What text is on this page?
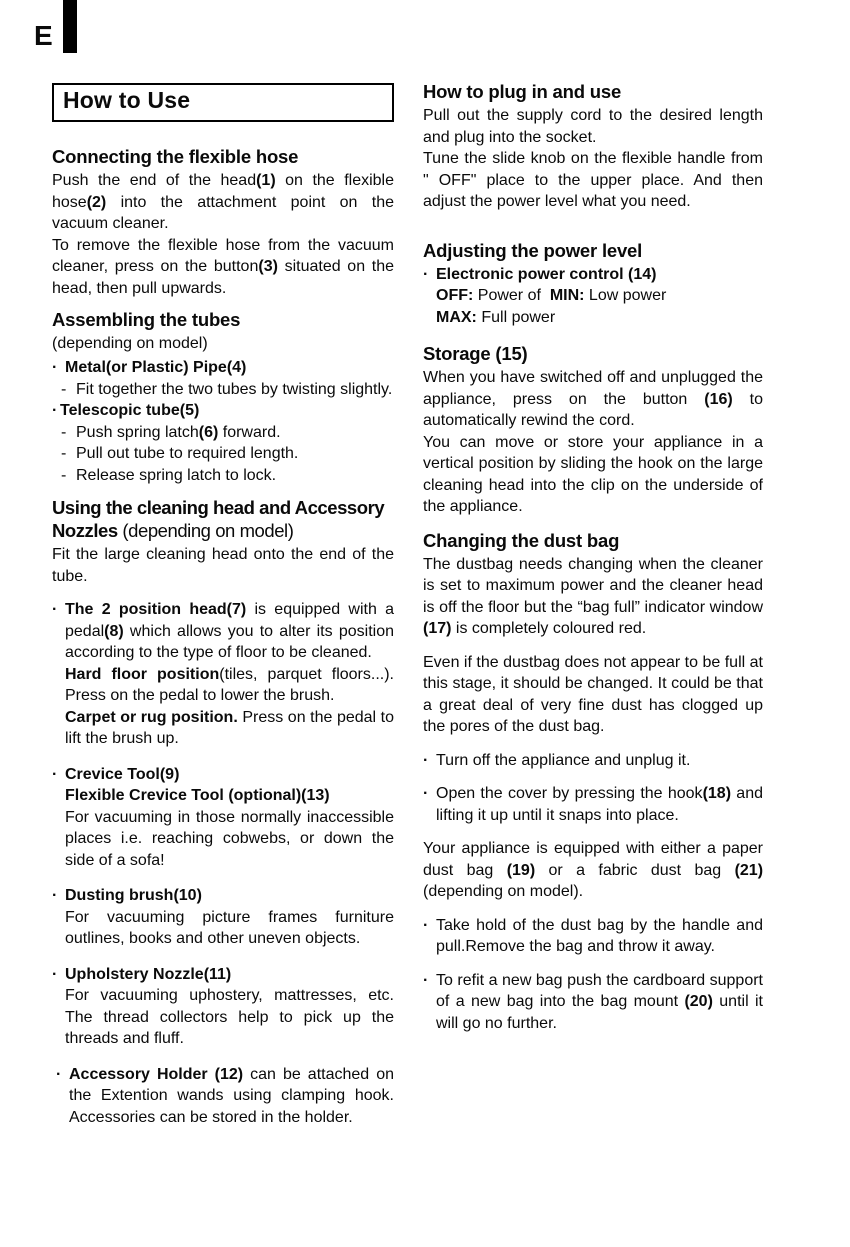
E
How to Use
Connecting the flexible hose

Push the end of the head(1) on the flexible hose(2) into the attachment point on the vacuum cleaner.

To remove the flexible hose from the vacuum cleaner, press on the button(3) situated on the head, then pull upwards.

Assembling the tubes

(depending on model)

· Metal(or Plastic) Pipe(4)
- Fit together the two tubes by twisting slightly.
· Telescopic tube(5)
- Push spring latch(6) forward.
- Pull out tube to required length.
- Release spring latch to lock.
Using the cleaning head and Accessory
Nozzles (depending on model)

Fit the large cleaning head onto the end of the tube.

· The 2 position head(7) is equipped with a pedal(8) which allows you to alter its position according to the type of floor to be cleaned.

Hard floor position(tiles, parquet floors...). Press on the pedal to lower the brush.

Carpet or rug position. Press on the pedal to lift the brush up.

· Crevice Tool(9)

Flexible Crevice Tool (optional)(13)

For vacuuming in those normally inaccessible places i.e. reaching cobwebs, or down the side of a sofa!

· Dusting brush(10)

For vacuuming picture frames furniture outlines, books and other uneven objects.

· Upholstery Nozzle(11)

For vacuuming uphostery, mattresses, etc. The thread collectors help to pick up the threads and fluff.

· Accessory Holder (12) can be attached on the Extention wands using clamping hook. Accessories can be stored in the holder.
How to plug in and use

Pull out the supply cord to the desired length and plug into the socket.

Tune the slide knob on the flexible handle from " OFF" place to the upper place. And then adjust the power level what you need.

Adjusting the power level
· Electronic power control (14)

OFF: Power of  MIN: Low power

MAX: Full power

Storage (15)

When you have switched off and unplugged the appliance, press on the button (16) to automatically rewind the cord.

You can move or store your appliance in a vertical position by sliding the hook on the large cleaning head into the clip on the underside of the appliance.

Changing the dust bag

The dustbag needs changing when the cleaner is set to maximum power and the cleaner head is off the floor but the “bag full” indicator window (17) is completely coloured red.

Even if the dustbag does not appear to be full at this stage, it should be changed. It could be that a great deal of very fine dust has clogged up the pores of the dust bag.

· Turn off the appliance and unplug it.
· Open the cover by pressing the hook(18) and lifting it up until it snaps into place.

Your appliance is equipped with either a paper dust bag (19) or a fabric dust bag (21)(depending on model).

· Take hold of the dust bag by the handle and pull.Remove the bag and throw it away.
· To refit a new bag push the cardboard support of a new bag into the bag mount (20) until it will go no further.
